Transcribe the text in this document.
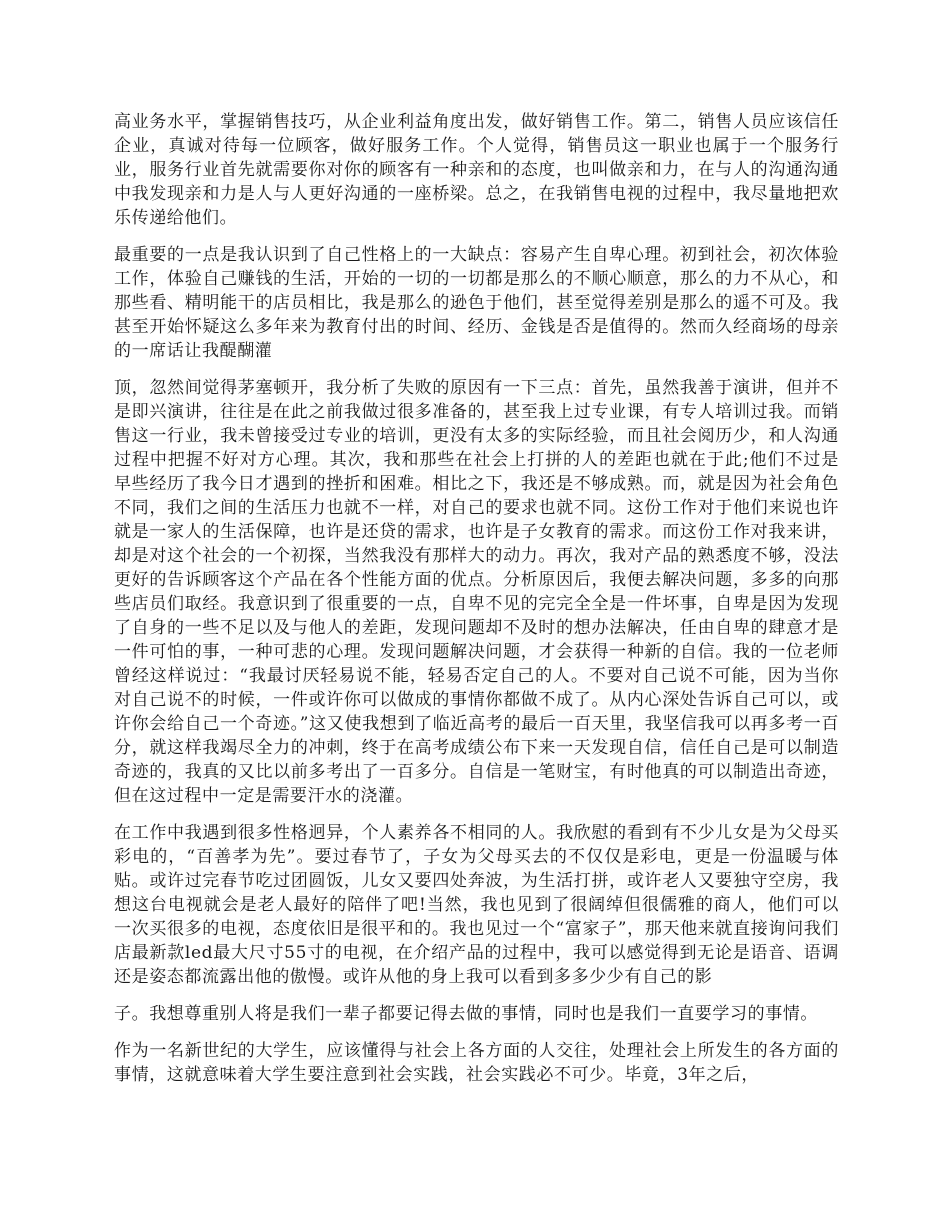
高业务水平，掌握销售技巧，从企业利益角度出发，做好销售工作。第二，销售人员应该信任企业，真诚对待每一位顾客，做好服务工作。个人觉得，销售员这一职业也属于一个服务行业，服务行业首先就需要你对你的顾客有一种亲和的态度，也叫做亲和力，在与人的沟通沟通中我发现亲和力是人与人更好沟通的一座桥梁。总之，在我销售电视的过程中，我尽量地把欢乐传递给他们。

最重要的一点是我认识到了自己性格上的一大缺点：容易产生自卑心理。初到社会，初次体验工作，体验自己赚钱的生活，开始的一切的一切都是那么的不顺心顺意，那么的力不从心，和那些看、精明能干的店员相比，我是那么的逊色于他们，甚至觉得差别是那么的遥不可及。我甚至开始怀疑这么多年来为教育付出的时间、经历、金钱是否是值得的。然而久经商场的母亲的一席话让我醍醐灌

顶，忽然间觉得茅塞顿开，我分析了失败的原因有一下三点：首先，虽然我善于演讲，但并不是即兴演讲，往往是在此之前我做过很多准备的，甚至我上过专业课，有专人培训过我。而销售这一行业，我未曾接受过专业的培训，更没有太多的实际经验，而且社会阅历少，和人沟通过程中把握不好对方心理。其次，我和那些在社会上打拼的人的差距也就在于此;他们不过是早些经历了我今日才遇到的挫折和困难。相比之下，我还是不够成熟。而，就是因为社会角色不同，我们之间的生活压力也就不一样，对自己的要求也就不同。这份工作对于他们来说也许就是一家人的生活保障，也许是还贷的需求，也许是子女教育的需求。而这份工作对我来讲，却是对这个社会的一个初探，当然我没有那样大的动力。再次，我对产品的熟悉度不够，没法更好的告诉顾客这个产品在各个性能方面的优点。分析原因后，我便去解决问题，多多的向那些店员们取经。我意识到了很重要的一点，自卑不见的完完全全是一件坏事，自卑是因为发现了自身的一些不足以及与他人的差距，发现问题却不及时的想办法解决，任由自卑的肆意才是一件可怕的事，一种可悲的心理。发现问题解决问题，才会获得一种新的自信。我的一位老师曾经这样说过：“我最讨厌轻易说不能，轻易否定自己的人。不要对自己说不可能，因为当你对自己说不的时候，一件或许你可以做成的事情你都做不成了。从内心深处告诉自己可以，或许你会给自己一个奇迹。”这又使我想到了临近高考的最后一百天里，我坚信我可以再多考一百分，就这样我竭尽全力的冲刺，终于在高考成绩公布下来一天发现自信，信任自己是可以制造奇迹的，我真的又比以前多考出了一百多分。自信是一笔财宝，有时他真的可以制造出奇迹，但在这过程中一定是需要汗水的浇灌。

在工作中我遇到很多性格迥异，个人素养各不相同的人。我欣慰的看到有不少儿女是为父母买彩电的，“百善孝为先”。要过春节了，子女为父母买去的不仅仅是彩电，更是一份温暖与体贴。或许过完春节吃过团圆饭，儿女又要四处奔波，为生活打拼，或许老人又要独守空房，我想这台电视就会是老人最好的陪伴了吧!当然，我也见到了很阔绰但很儒雅的商人，他们可以一次买很多的电视，态度依旧是很平和的。我也见过一个“富家子”，那天他来就直接询问我们店最新款led最大尺寸55寸的电视，在介绍产品的过程中，我可以感觉得到无论是语音、语调还是姿态都流露出他的傲慢。或许从他的身上我可以看到多多少少有自己的影

子。我想尊重别人将是我们一辈子都要记得去做的事情，同时也是我们一直要学习的事情。

作为一名新世纪的大学生，应该懂得与社会上各方面的人交往，处理社会上所发生的各方面的事情，这就意味着大学生要注意到社会实践，社会实践必不可少。毕竟，3年之后，
